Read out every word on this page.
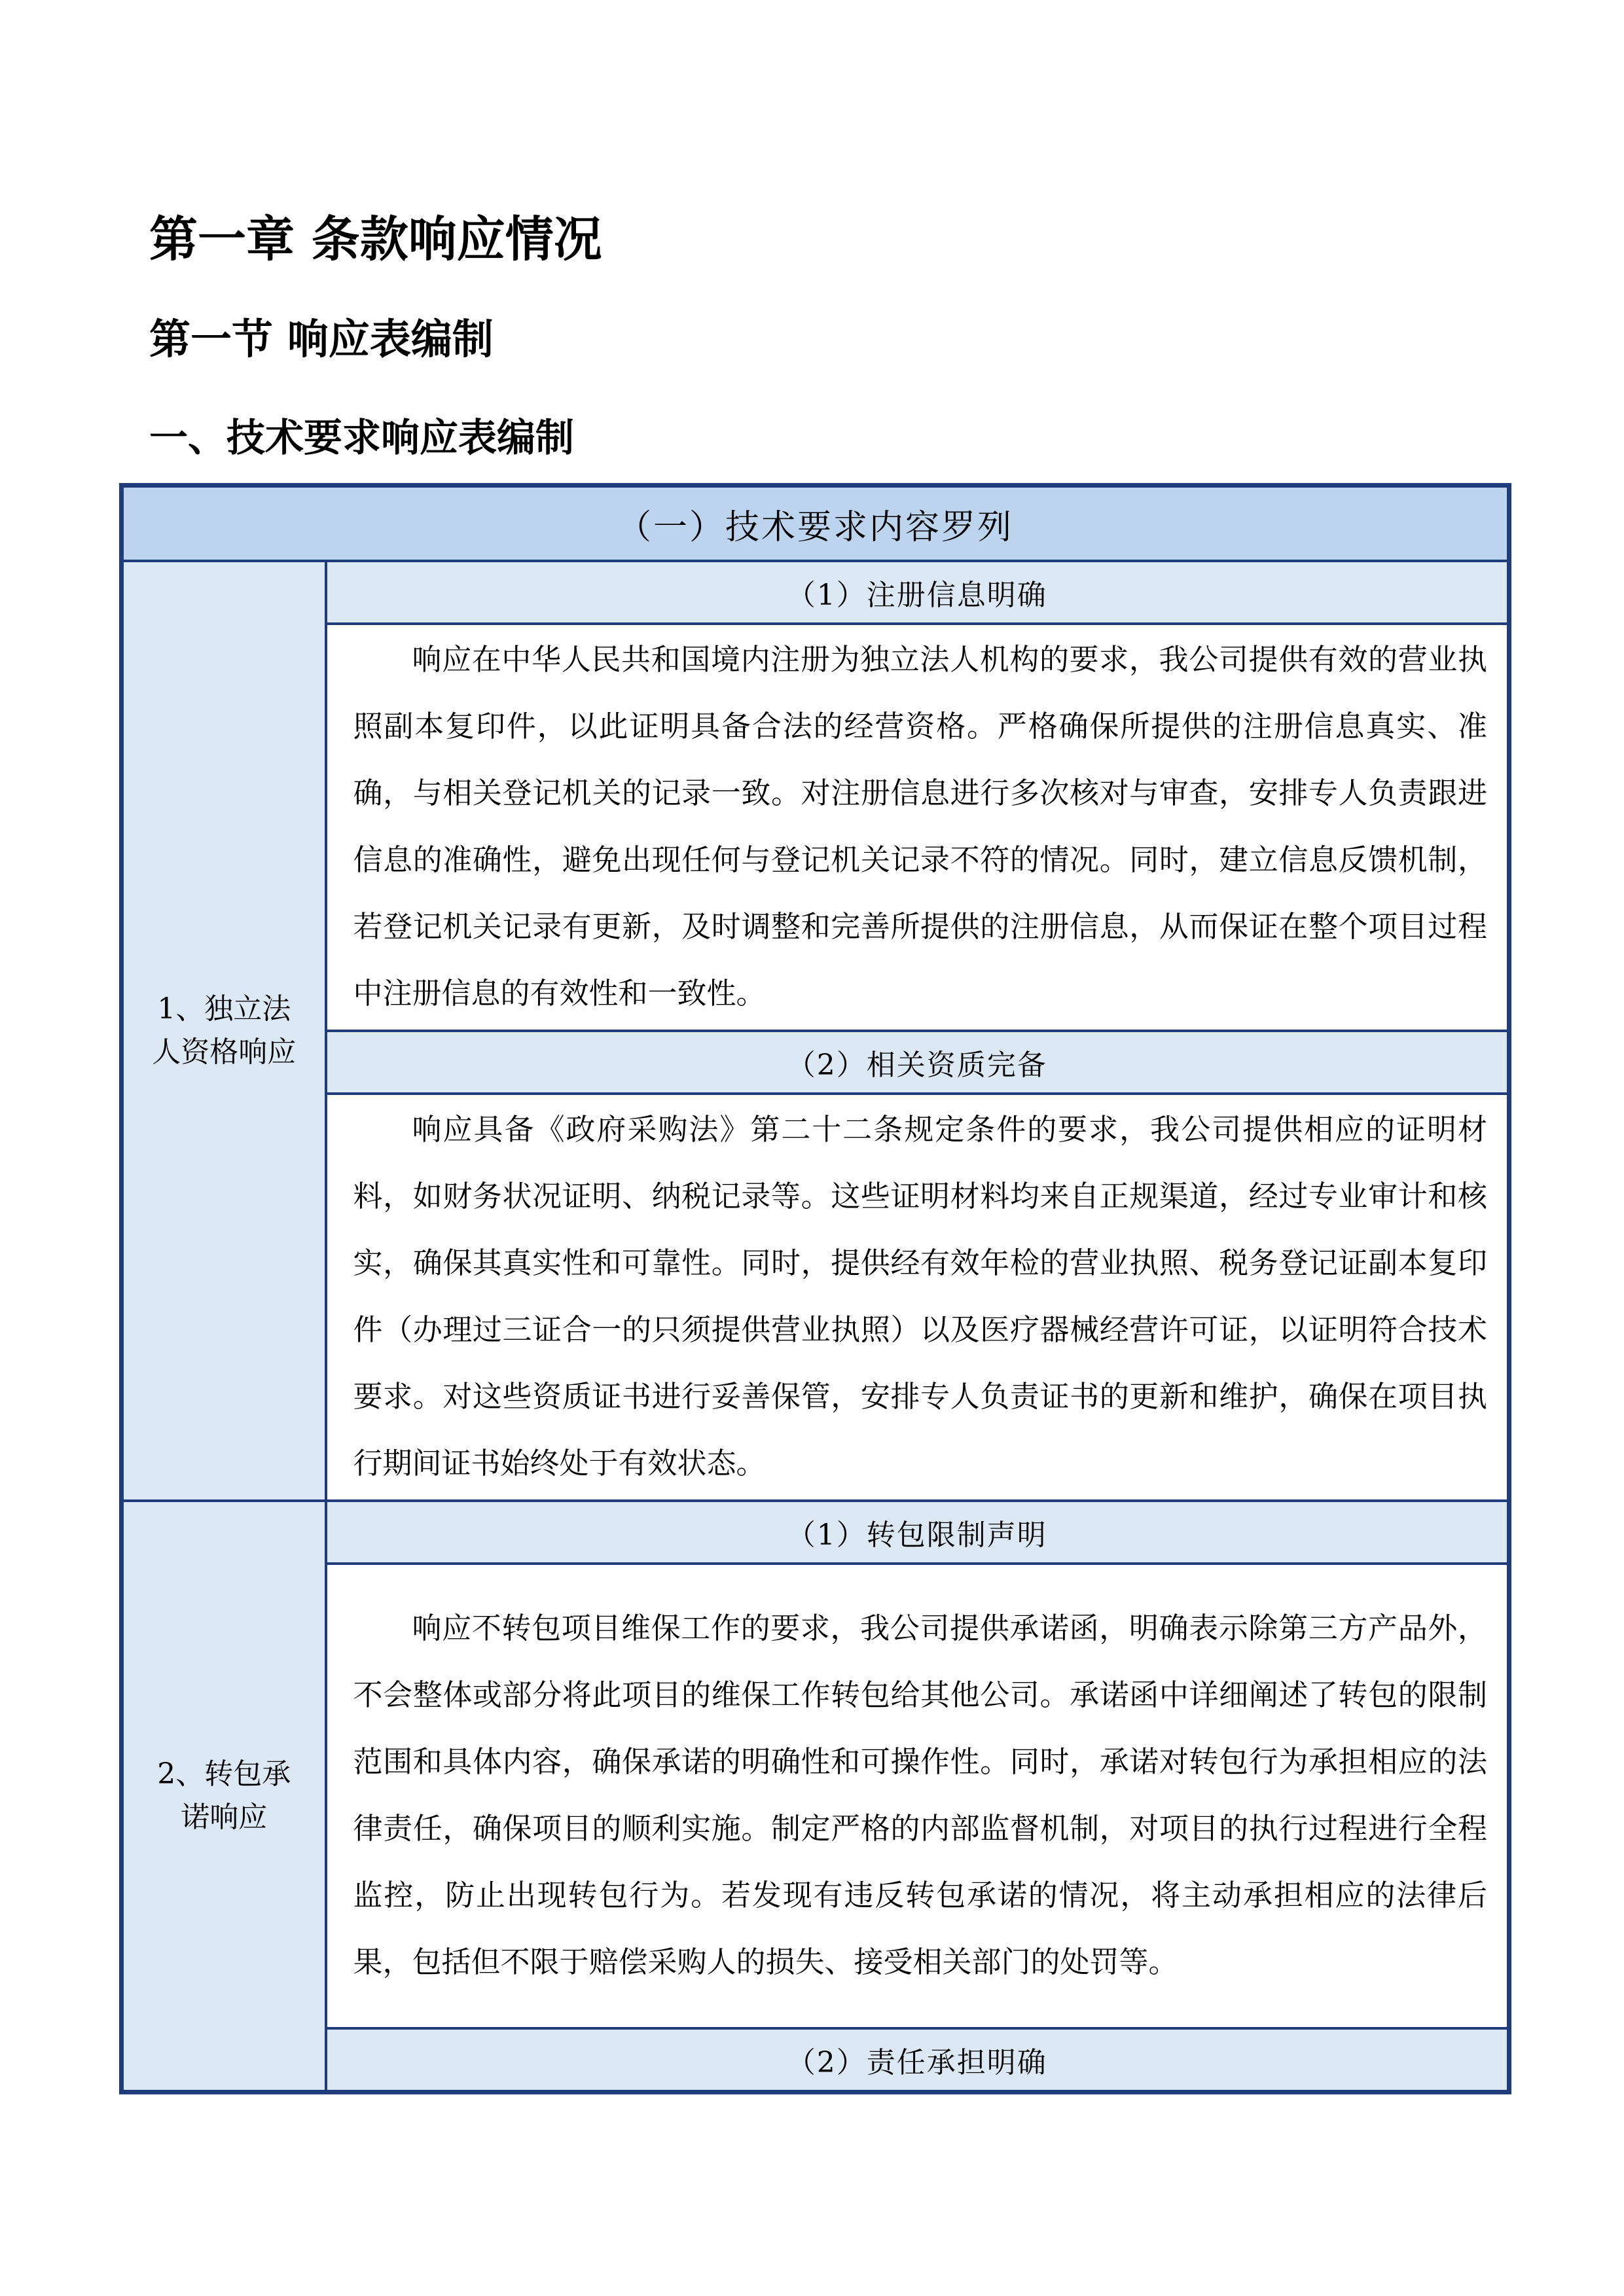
第一章 条款响应情况
第一节 响应表编制
一、技术要求响应表编制
（一）技术要求内容罗列	

1、独立法人资格响应	（1）注册信息明确

	响应在中华人民共和国境内注册为独立法人机构的要求，我公司提供有效的营业执照副本复印件，以此证明具备合法的经营资格。严格确保所提供的注册信息真实、准确，与相关登记机关的记录一致。对注册信息进行多次核对与审查，安排专人负责跟进信息的准确性，避免出现任何与登记机关记录不符的情况。同时，建立信息反馈机制，若登记机关记录有更新，及时调整和完善所提供的注册信息，从而保证在整个项目过程中注册信息的有效性和一致性。

	（2）相关资质完备

	响应具备《政府采购法》第二十二条规定条件的要求，我公司提供相应的证明材料，如财务状况证明、纳税记录等。这些证明材料均来自正规渠道，经过专业审计和核实，确保其真实性和可靠性。同时，提供经有效年检的营业执照、税务登记证副本复印件（办理过三证合一的只须提供营业执照）以及医疗器械经营许可证，以证明符合技术要求。对这些资质证书进行妥善保管，安排专人负责证书的更新和维护，确保在项目执行期间证书始终处于有效状态。

2、转包承诺响应	（1）转包限制声明

	响应不转包项目维保工作的要求，我公司提供承诺函，明确表示除第三方产品外，不会整体或部分将此项目的维保工作转包给其他公司。承诺函中详细阐述了转包的限制范围和具体内容，确保承诺的明确性和可操作性。同时，承诺对转包行为承担相应的法律责任，确保项目的顺利实施。制定严格的内部监督机制，对项目的执行过程进行全程监控，防止出现转包行为。若发现有违反转包承诺的情况，将主动承担相应的法律后果，包括但不限于赔偿采购人的损失、接受相关部门的处罚等。

	（2）责任承担明确
